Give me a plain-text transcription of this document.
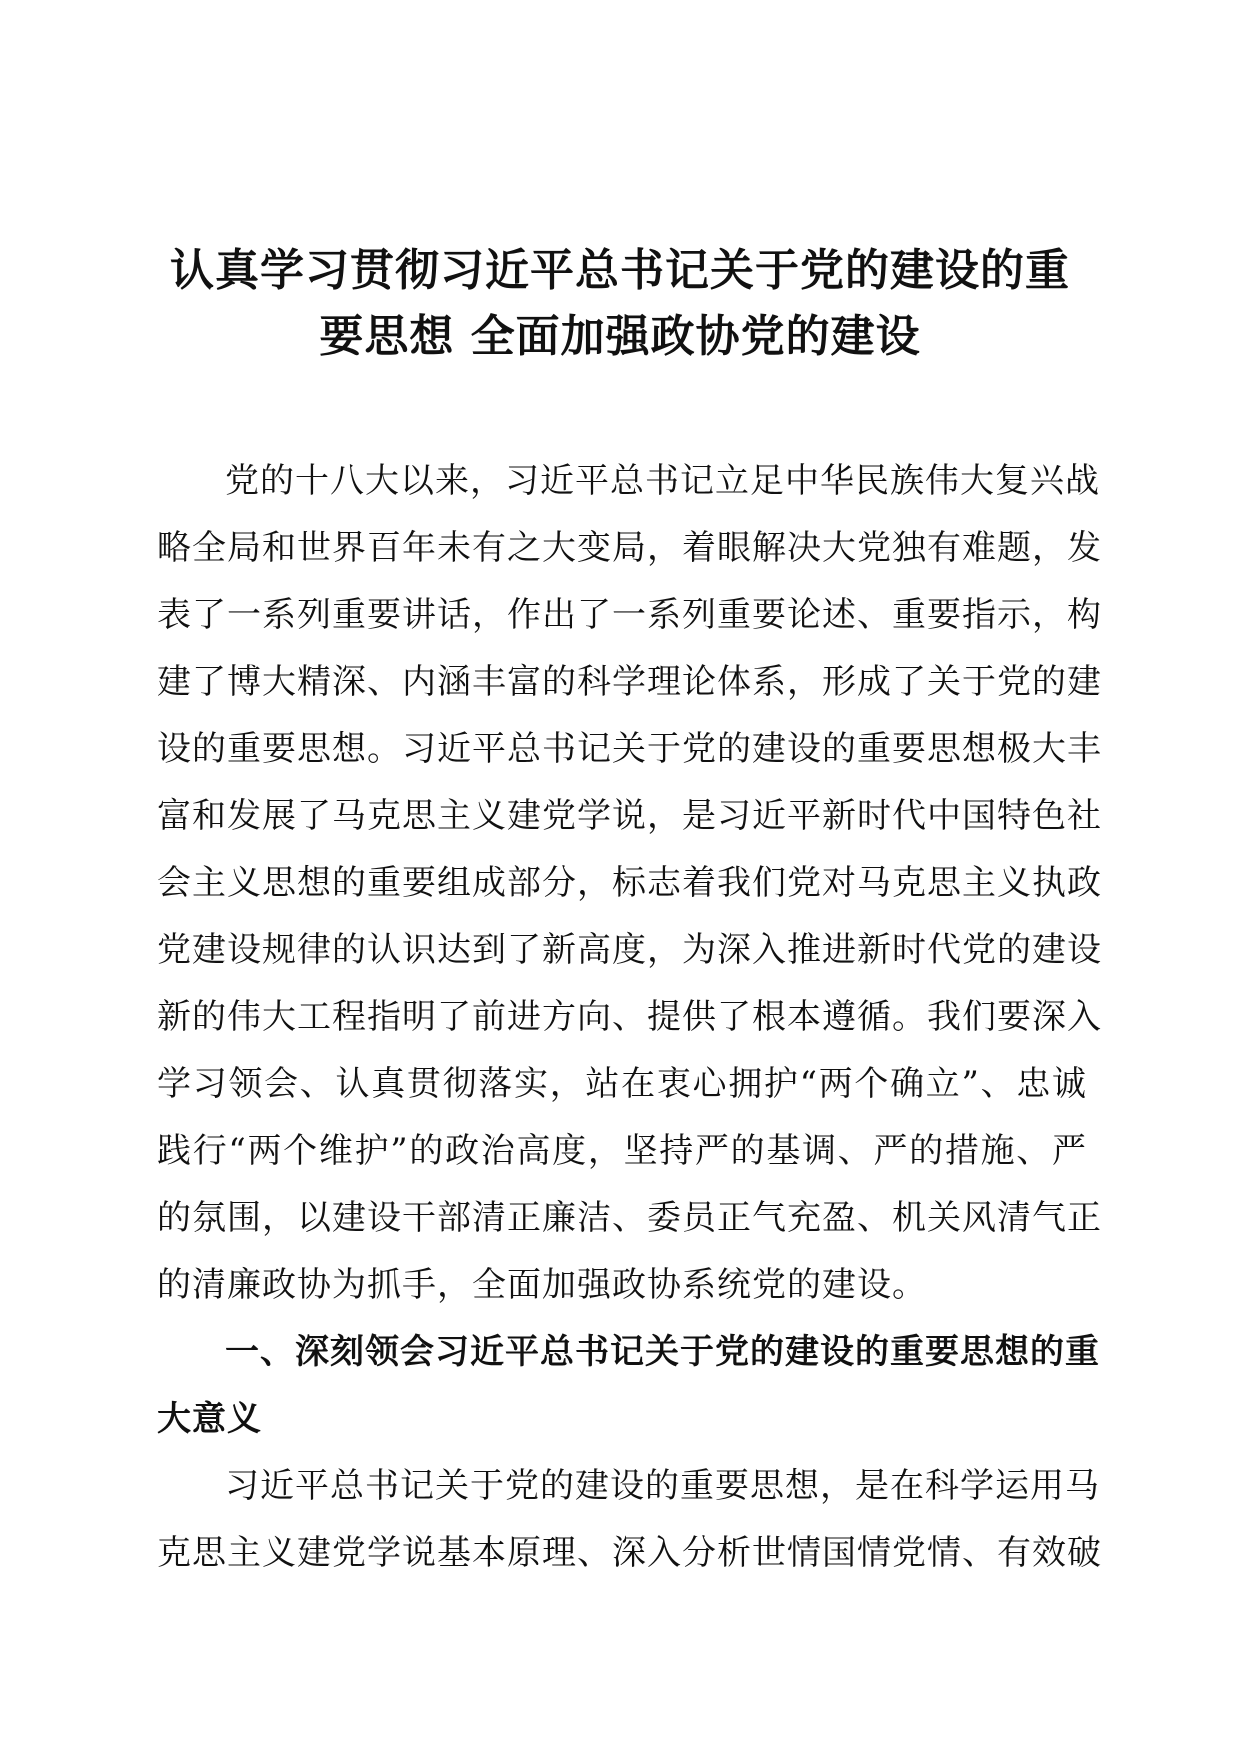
认真学习贯彻习近平总书记关于党的建设的重
要思想 全面加强政协党的建设
党的十八大以来，习近平总书记立足中华民族伟大复兴战
略全局和世界百年未有之大变局，着眼解决大党独有难题，发
表了一系列重要讲话，作出了一系列重要论述、重要指示，构
建了博大精深、内涵丰富的科学理论体系，形成了关于党的建
设的重要思想。习近平总书记关于党的建设的重要思想极大丰
富和发展了马克思主义建党学说，是习近平新时代中国特色社
会主义思想的重要组成部分，标志着我们党对马克思主义执政
党建设规律的认识达到了新高度，为深入推进新时代党的建设
新的伟大工程指明了前进方向、提供了根本遵循。我们要深入
学习领会、认真贯彻落实，站在衷心拥护“两个确立”、忠诚
践行“两个维护”的政治高度，坚持严的基调、严的措施、严
的氛围，以建设干部清正廉洁、委员正气充盈、机关风清气正
的清廉政协为抓手，全面加强政协系统党的建设。
一、深刻领会习近平总书记关于党的建设的重要思想的重
大意义
习近平总书记关于党的建设的重要思想，是在科学运用马
克思主义建党学说基本原理、深入分析世情国情党情、有效破
